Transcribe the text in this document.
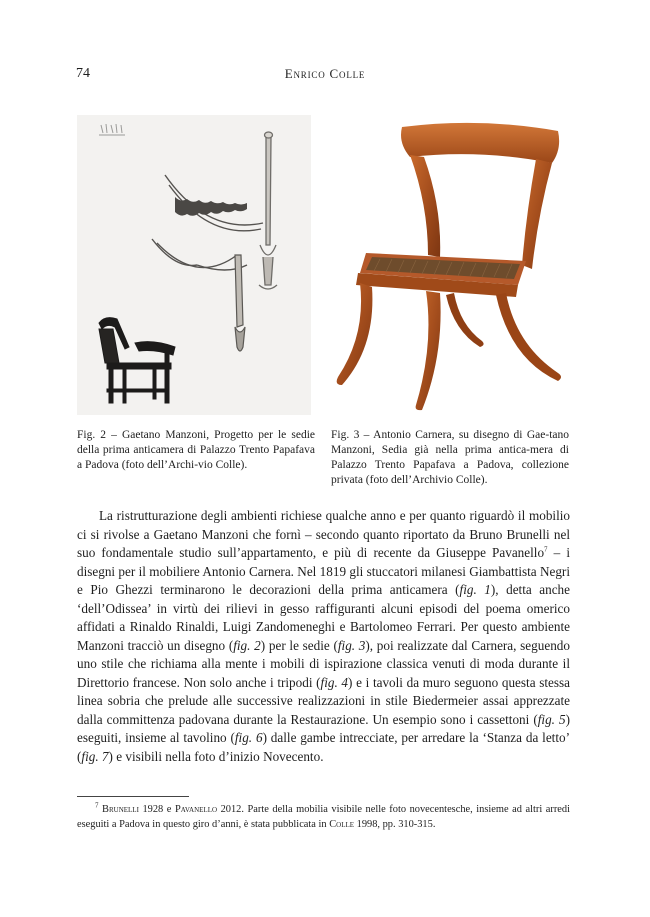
74	Enrico Colle
Fig. 2 – Gaetano Manzoni, Progetto per le sedie della prima anticamera di Palazzo Trento Papafava a Padova (foto dell’Archi-vio Colle).
Fig. 3 – Antonio Carnera, su disegno di Gae-tano Manzoni, Sedia già nella prima antica-mera di Palazzo Trento Papafava a Padova, collezione privata (foto dell’Archivio Colle).

La ristrutturazione degli ambienti richiese qualche anno e per quanto riguardò il mobilio ci si rivolse a Gaetano Manzoni che fornì – secondo quanto riportato da Bruno Brunelli nel suo fondamentale studio sull’appartamento, e più di recente da Giuseppe Pavanello$^7$ – i disegni per il mobiliere Antonio Carnera. Nel 1819 gli stuccatori milanesi Giambattista Negri e Pio Ghezzi terminarono le decorazioni della prima anticamera (fig. 1), detta anche ‘dell’Odissea’ in virtù dei rilievi in gesso raffiguranti alcuni episodi del poema omerico affidati a Rinaldo Rinaldi, Luigi Zandomeneghi e Bartolomeo Ferrari. Per questo ambiente Manzoni tracciò un disegno (fig. 2) per le sedie (fig. 3), poi realizzate dal Carnera, seguendo uno stile che richiama alla mente i mobili di ispirazione classica venuti di moda durante il Direttorio francese. Non solo anche i tripodi (fig. 4) e i tavoli da muro seguono questa stessa linea sobria che prelude alle successive realizzazioni in stile Biedermeier assai apprezzate dalla committenza padovana durante la Restaurazione. Un esempio sono i cassettoni (fig. 5) eseguiti, insieme al tavolino (fig. 6) dalle gambe intrecciate, per arredare la ‘Stanza da letto’ (fig. 7) e visibili nella foto d’inizio Novecento.

$^7$ Brunelli 1928 e Pavanello 2012. Parte della mobilia visibile nelle foto novecentesche, insieme ad altri arredi eseguiti a Padova in questo giro d’anni, è stata pubblicata in Colle 1998, pp. 310-315.
